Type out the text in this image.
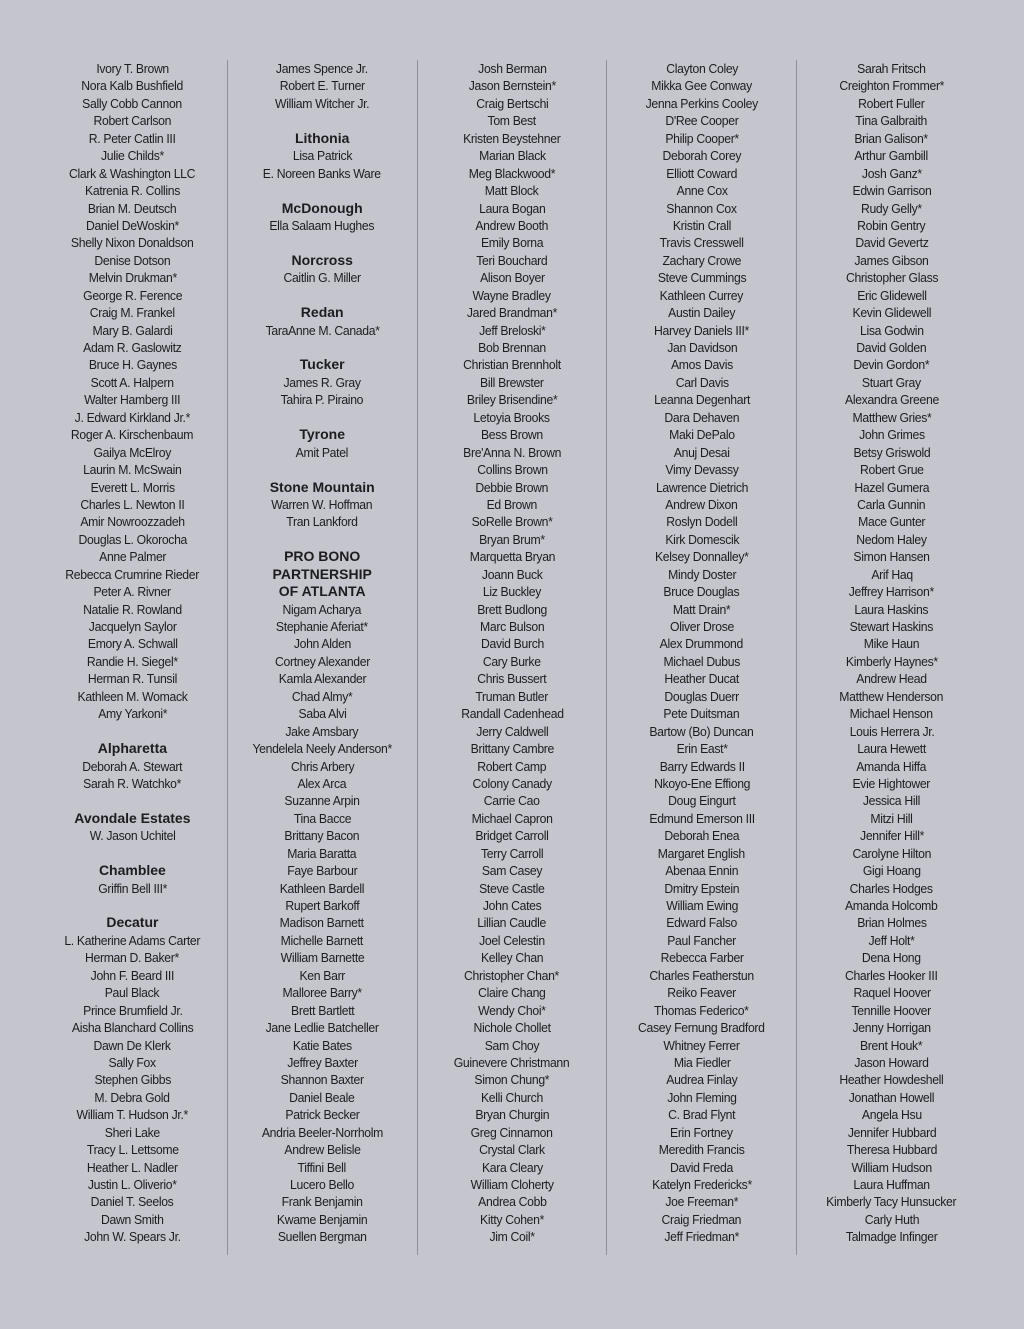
Ivory T. Brown
Nora Kalb Bushfield
Sally Cobb Cannon
Robert Carlson
R. Peter Catlin III
Julie Childs*
Clark & Washington LLC
Katrenia R. Collins
Brian M. Deutsch
Daniel DeWoskin*
Shelly Nixon Donaldson
Denise Dotson
Melvin Drukman*
George R. Ference
Craig M. Frankel
Mary B. Galardi
Adam R. Gaslowitz
Bruce H. Gaynes
Scott A. Halpern
Walter Hamberg III
J. Edward Kirkland Jr.*
Roger A. Kirschenbaum
Gailya McElroy
Laurin M. McSwain
Everett L. Morris
Charles L. Newton II
Amir Nowroozzadeh
Douglas L. Okorocha
Anne Palmer
Rebecca Crumrine Rieder
Peter A. Rivner
Natalie R. Rowland
Jacquelyn Saylor
Emory A. Schwall
Randie H. Siegel*
Herman R. Tunsil
Kathleen M. Womack
Amy Yarkoni*
Alpharetta
Deborah A. Stewart
Sarah R. Watchko*
Avondale Estates
W. Jason Uchitel
Chamblee
Griffin Bell III*
Decatur
L. Katherine Adams Carter
Herman D. Baker*
John F. Beard III
Paul Black
Prince Brumfield Jr.
Aisha Blanchard Collins
Dawn De Klerk
Sally Fox
Stephen Gibbs
M. Debra Gold
William T. Hudson Jr.*
Sheri Lake
Tracy L. Lettsome
Heather L. Nadler
Justin L. Oliverio*
Daniel T. Seelos
Dawn Smith
John W. Spears Jr.
James Spence Jr.
Robert E. Turner
William Witcher Jr.
Lithonia
Lisa Patrick
E. Noreen Banks Ware
McDonough
Ella Salaam Hughes
Norcross
Caitlin G. Miller
Redan
TaraAnne M. Canada*
Tucker
James R. Gray
Tahira P. Piraino
Tyrone
Amit Patel
Stone Mountain
Warren W. Hoffman
Tran Lankford
PRO BONO
PARTNERSHIP
OF ATLANTA
Nigam Acharya
Stephanie Aferiat*
John Alden
Cortney Alexander
Kamla Alexander
Chad Almy*
Saba Alvi
Jake Amsbary
Yendelela Neely Anderson*
Chris Arbery
Alex Arca
Suzanne Arpin
Tina Bacce
Brittany Bacon
Maria Baratta
Faye Barbour
Kathleen Bardell
Rupert Barkoff
Madison Barnett
Michelle Barnett
William Barnette
Ken Barr
Malloree Barry*
Brett Bartlett
Jane Ledlie Batcheller
Katie Bates
Jeffrey Baxter
Shannon Baxter
Daniel Beale
Patrick Becker
Andria Beeler-Norrholm
Andrew Belisle
Tiffini Bell
Lucero Bello
Frank Benjamin
Kwame Benjamin
Suellen Bergman
Josh Berman
Jason Bernstein*
Craig Bertschi
Tom Best
Kristen Beystehner
Marian Black
Meg Blackwood*
Matt Block
Laura Bogan
Andrew Booth
Emily Borna
Teri Bouchard
Alison Boyer
Wayne Bradley
Jared Brandman*
Jeff Breloski*
Bob Brennan
Christian Brennholt
Bill Brewster
Briley Brisendine*
Letoyia Brooks
Bess Brown
Bre'Anna N. Brown
Collins Brown
Debbie Brown
Ed Brown
SoRelle Brown*
Bryan Brum*
Marquetta Bryan
Joann Buck
Liz Buckley
Brett Budlong
Marc Bulson
David Burch
Cary Burke
Chris Bussert
Truman Butler
Randall Cadenhead
Jerry Caldwell
Brittany Cambre
Robert Camp
Colony Canady
Carrie Cao
Michael Capron
Bridget Carroll
Terry Carroll
Sam Casey
Steve Castle
John Cates
Lillian Caudle
Joel Celestin
Kelley Chan
Christopher Chan*
Claire Chang
Wendy Choi*
Nichole Chollet
Sam Choy
Guinevere Christmann
Simon Chung*
Kelli Church
Bryan Churgin
Greg Cinnamon
Crystal Clark
Kara Cleary
William Cloherty
Andrea Cobb
Kitty Cohen*
Jim Coil*
Clayton Coley
Mikka Gee Conway
Jenna Perkins Cooley
D'Ree Cooper
Philip Cooper*
Deborah Corey
Elliott Coward
Anne Cox
Shannon Cox
Kristin Crall
Travis Cresswell
Zachary Crowe
Steve Cummings
Kathleen Currey
Austin Dailey
Harvey Daniels III*
Jan Davidson
Amos Davis
Carl Davis
Leanna Degenhart
Dara Dehaven
Maki DePalo
Anuj Desai
Vimy Devassy
Lawrence Dietrich
Andrew Dixon
Roslyn Dodell
Kirk Domescik
Kelsey Donnalley*
Mindy Doster
Bruce Douglas
Matt Drain*
Oliver Drose
Alex Drummond
Michael Dubus
Heather Ducat
Douglas Duerr
Pete Duitsman
Bartow (Bo) Duncan
Erin East*
Barry Edwards II
Nkoyo-Ene Effiong
Doug Eingurt
Edmund Emerson III
Deborah Enea
Margaret English
Abenaa Ennin
Dmitry Epstein
William Ewing
Edward Falso
Paul Fancher
Rebecca Farber
Charles Featherstun
Reiko Feaver
Thomas Federico*
Casey Fernung Bradford
Whitney Ferrer
Mia Fiedler
Audrea Finlay
John Fleming
C. Brad Flynt
Erin Fortney
Meredith Francis
David Freda
Katelyn Fredericks*
Joe Freeman*
Craig Friedman
Jeff Friedman*
Sarah Fritsch
Creighton Frommer*
Robert Fuller
Tina Galbraith
Brian Galison*
Arthur Gambill
Josh Ganz*
Edwin Garrison
Rudy Gelly*
Robin Gentry
David Gevertz
James Gibson
Christopher Glass
Eric Glidewell
Kevin Glidewell
Lisa Godwin
David Golden
Devin Gordon*
Stuart Gray
Alexandra Greene
Matthew Gries*
John Grimes
Betsy Griswold
Robert Grue
Hazel Gumera
Carla Gunnin
Mace Gunter
Nedom Haley
Simon Hansen
Arif Haq
Jeffrey Harrison*
Laura Haskins
Stewart Haskins
Mike Haun
Kimberly Haynes*
Andrew Head
Matthew Henderson
Michael Henson
Louis Herrera Jr.
Laura Hewett
Amanda Hiffa
Evie Hightower
Jessica Hill
Mitzi Hill
Jennifer Hill*
Carolyne Hilton
Gigi Hoang
Charles Hodges
Amanda Holcomb
Brian Holmes
Jeff Holt*
Dena Hong
Charles Hooker III
Raquel Hoover
Tennille Hoover
Jenny Horrigan
Brent Houk*
Jason Howard
Heather Howdeshell
Jonathan Howell
Angela Hsu
Jennifer Hubbard
Theresa Hubbard
William Hudson
Laura Huffman
Kimberly Tacy Hunsucker
Carly Huth
Talmadge Infinger
